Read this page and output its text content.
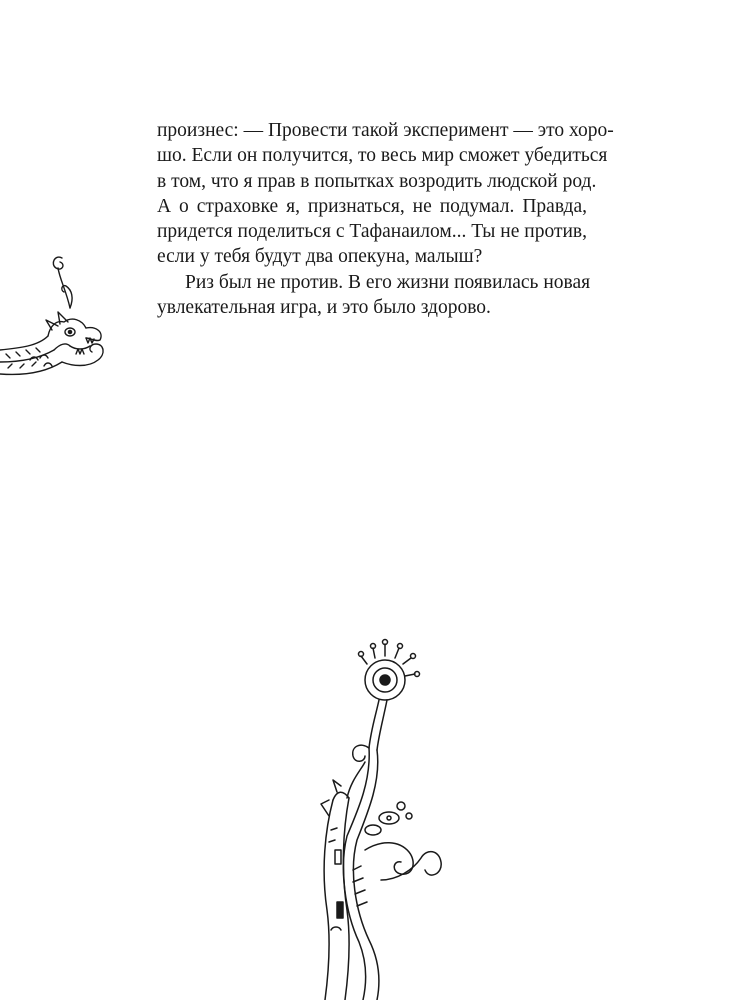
произнес: — Провести такой эксперимент — это хоро-
шо. Если он получится, то весь мир сможет убедиться
в том, что я прав в попытках возродить людской род.
А о страховке я, признаться, не подумал. Правда,
придется поделиться с Тафанаилом... Ты не против,
если у тебя будут два опекуна, малыш?

Риз был не против. В его жизни появилась новая
увлекательная игра, и это было здорово.
